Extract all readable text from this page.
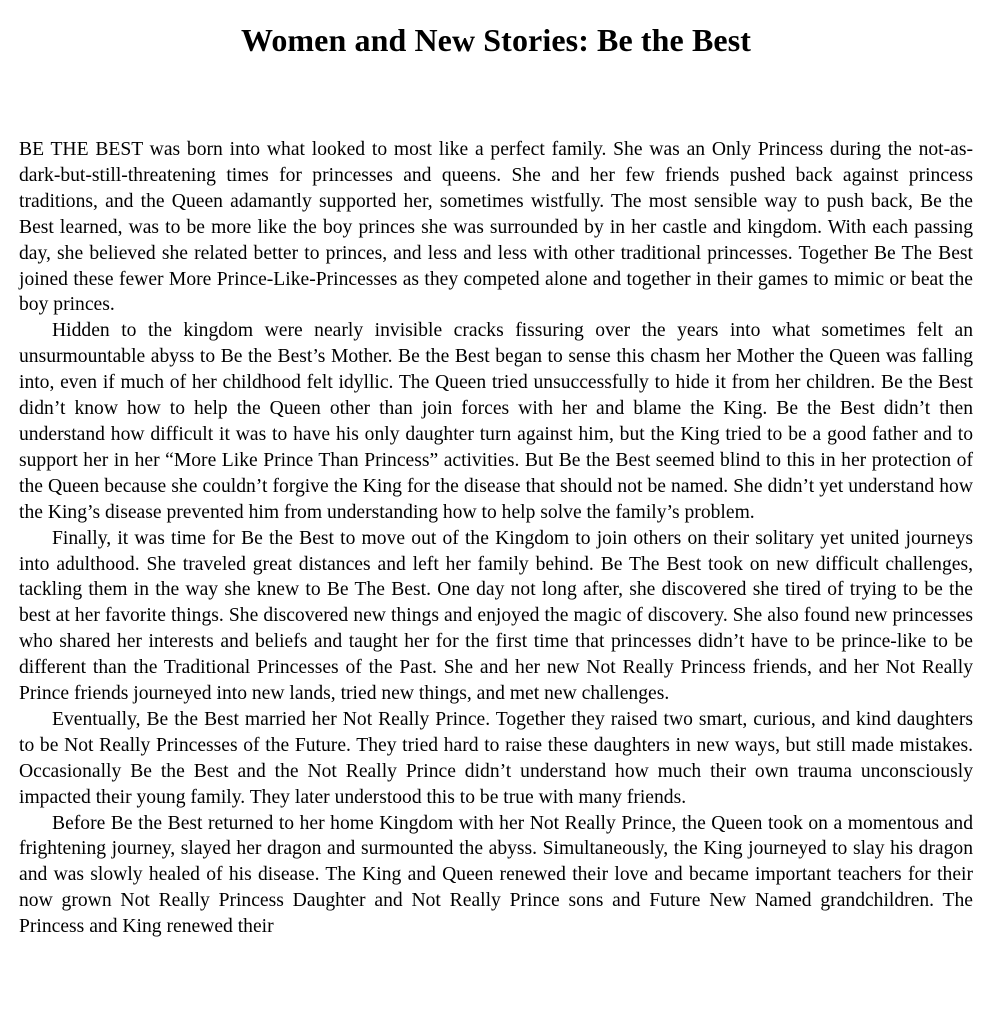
Women and New Stories: Be the Best

BE THE BEST was born into what looked to most like a perfect family. She was an Only Princess during the not-as-dark-but-still-threatening times for princesses and queens. She and her few friends pushed back against princess traditions, and the Queen adamantly supported her, sometimes wistfully. The most sensible way to push back, Be the Best learned, was to be more like the boy princes she was surrounded by in her castle and kingdom. With each passing day, she believed she related better to princes, and less and less with other traditional princesses. Together Be The Best joined these fewer More Prince-Like-Princesses as they competed alone and together in their games to mimic or beat the boy princes.

Hidden to the kingdom were nearly invisible cracks fissuring over the years into what sometimes felt an unsurmountable abyss to Be the Best’s Mother. Be the Best began to sense this chasm her Mother the Queen was falling into, even if much of her childhood felt idyllic. The Queen tried unsuccessfully to hide it from her children. Be the Best didn’t know how to help the Queen other than join forces with her and blame the King. Be the Best didn’t then understand how difficult it was to have his only daughter turn against him, but the King tried to be a good father and to support her in her “More Like Prince Than Princess” activities. But Be the Best seemed blind to this in her protection of the Queen because she couldn’t forgive the King for the disease that should not be named. She didn’t yet understand how the King’s disease prevented him from understanding how to help solve the family’s problem.

Finally, it was time for Be the Best to move out of the Kingdom to join others on their solitary yet united journeys into adulthood. She traveled great distances and left her family behind. Be The Best took on new difficult challenges, tackling them in the way she knew to Be The Best. One day not long after, she discovered she tired of trying to be the best at her favorite things. She discovered new things and enjoyed the magic of discovery. She also found new princesses who shared her interests and beliefs and taught her for the first time that princesses didn’t have to be prince-like to be different than the Traditional Princesses of the Past. She and her new Not Really Princess friends, and her Not Really Prince friends journeyed into new lands, tried new things, and met new challenges.

Eventually, Be the Best married her Not Really Prince. Together they raised two smart, curious, and kind daughters to be Not Really Princesses of the Future. They tried hard to raise these daughters in new ways, but still made mistakes. Occasionally Be the Best and the Not Really Prince didn’t understand how much their own trauma unconsciously impacted their young family. They later understood this to be true with many friends.

Before Be the Best returned to her home Kingdom with her Not Really Prince, the Queen took on a momentous and frightening journey, slayed her dragon and surmounted the abyss. Simultaneously, the King journeyed to slay his dragon and was slowly healed of his disease. The King and Queen renewed their love and became important teachers for their now grown Not Really Princess Daughter and Not Really Prince sons and Future New Named grandchildren. The Princess and King renewed their
